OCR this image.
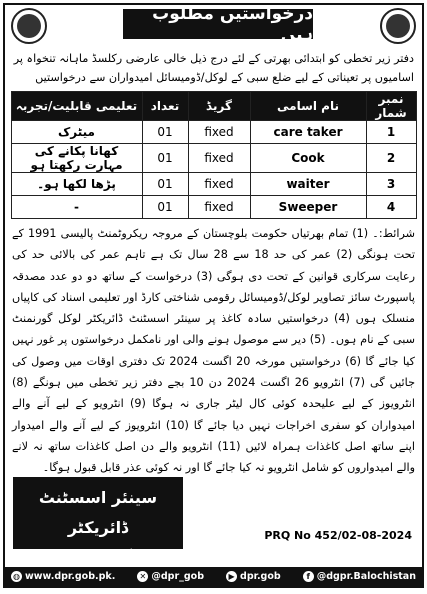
درخواستیں مطلوب ہیں
دفتر زیر تخطی کو ابتدائی بھرتی کے لئے درج ذیل خالی عارضی رکلسڈ ماہانہ تنخواہ پر اسامیوں پر تعیناتی کے لیے ضلع سبی کے لوکل/ڈومیسائل امیدواران سے درخواستیں
نمبر شمار	نام اسامی	گریڈ	تعداد	تعلیمی قابلیت/تجربہ
1	care taker	fixed	01	میٹرک
2	Cook	fixed	01	کھانا پکانے کی مہارت رکھتا ہو
3	waiter	fixed	01	پڑھا لکھا ہو۔
4	Sweeper	fixed	01	-
شرائط:۔ (1) تمام بھرتیاں حکومت بلوچستان کے مروجہ ریکروٹمنٹ پالیسی 1991 کے تحت ہونگی (2) عمر کی حد 18 سے 28 سال تک ہے تاہم عمر کی بالائی حد کی رعایت سرکاری قوانین کے تحت دی ہوگی (3) درخواست کے ساتھ دو دو عدد مصدقہ پاسپورٹ سائز تصاویر لوکل/ڈومیسائل رقومی شناختی کارڈ اور تعلیمی اسناد کی کاپیاں منسلک ہوں (4) درخواستیں سادہ کاغذ پر سینئر اسسٹنٹ ڈائریکٹر لوکل گورنمنٹ سبی کے نام ہوں۔ (5) دیر سے موصول ہونے والی اور نامکمل درخواستوں پر غور نہیں کیا جائے گا (6) درخواستیں مورخہ 20 اگست 2024 تک دفتری اوقات میں وصول کی جائیں گی (7) انٹرویو 26 اگست 2024 دن 10 بجے دفتر زیر تخطی میں ہونگے (8) انٹرویوز کے لیے علیحدہ کوئی کال لیٹر جاری نہ ہوگا (9) انٹرویو کے لیے آنے والے امیدواران کو سفری اخراجات نہیں دیا جائے گا (10) انٹرویوز کے لیے آنے والے امیدوار اپنے ساتھ اصل کاغذات ہمراہ لائیں (11) انٹرویو والے دن اصل کاغذات ساتھ نہ لانے والے امیدواروں کو شامل انٹرویو نہ کیا جائے گا اور نہ کوئی عذر قابل قبول ہوگا۔
سینئر اسسٹنٹ ڈائریکٹر
لوکل گورنمنٹ سبی
PRQ No 452/02-08-2024
◍ www.dpr.gob.pk.	✕ @dpr_gob	▶ dpr.gob	f @dgpr.Balochistan
